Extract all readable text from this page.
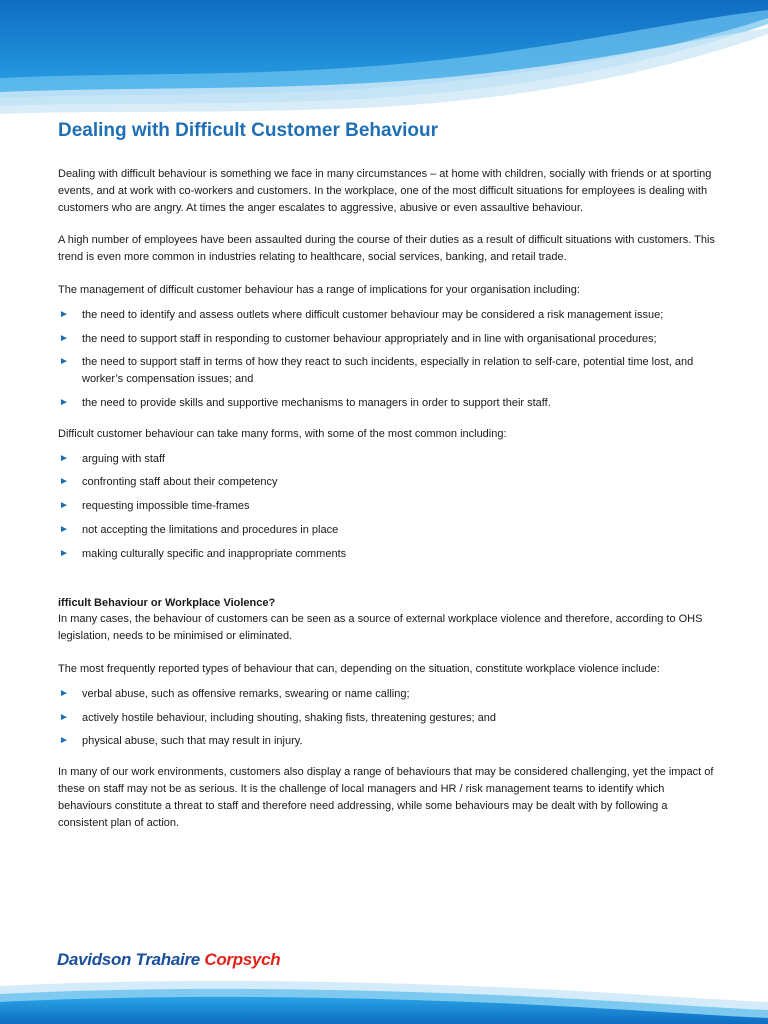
Dealing with Difficult Customer Behaviour

Dealing with difficult behaviour is something we face in many circumstances – at home with children, socially with friends or at sporting events, and at work with co-workers and customers. In the workplace, one of the most difficult situations for employees is dealing with customers who are angry. At times the anger escalates to aggressive, abusive or even assaultive behaviour.

A high number of employees have been assaulted during the course of their duties as a result of difficult situations with customers. This trend is even more common in industries relating to healthcare, social services, banking, and retail trade.

The management of difficult customer behaviour has a range of implications for your organisation including:

► the need to identify and assess outlets where difficult customer behaviour may be considered a risk management issue;
► the need to support staff in responding to customer behaviour appropriately and in line with organisational procedures;
► the need to support staff in terms of how they react to such incidents, especially in relation to self-care, potential time lost, and worker’s compensation issues; and
► the need to provide skills and supportive mechanisms to managers in order to support their staff.

Difficult customer behaviour can take many forms, with some of the most common including:

► arguing with staff
► confronting staff about their competency
► requesting impossible time-frames
► not accepting the limitations and procedures in place
► making culturally specific and inappropriate comments
ifficult Behaviour or Workplace Violence?

In many cases, the behaviour of customers can be seen as a source of external workplace violence and therefore, according to OHS legislation, needs to be minimised or eliminated.

The most frequently reported types of behaviour that can, depending on the situation, constitute workplace violence include:

► verbal abuse, such as offensive remarks, swearing or name calling;
► actively hostile behaviour, including shouting, shaking fists, threatening gestures; and
► physical abuse, such that may result in injury.

In many of our work environments, customers also display a range of behaviours that may be considered challenging, yet the impact of these on staff may not be as serious. It is the challenge of local managers and HR / risk management teams to identify which behaviours constitute a threat to staff and therefore need addressing, while some behaviours may be dealt with by following a consistent plan of action.

Davidson Trahaire Corpsych
